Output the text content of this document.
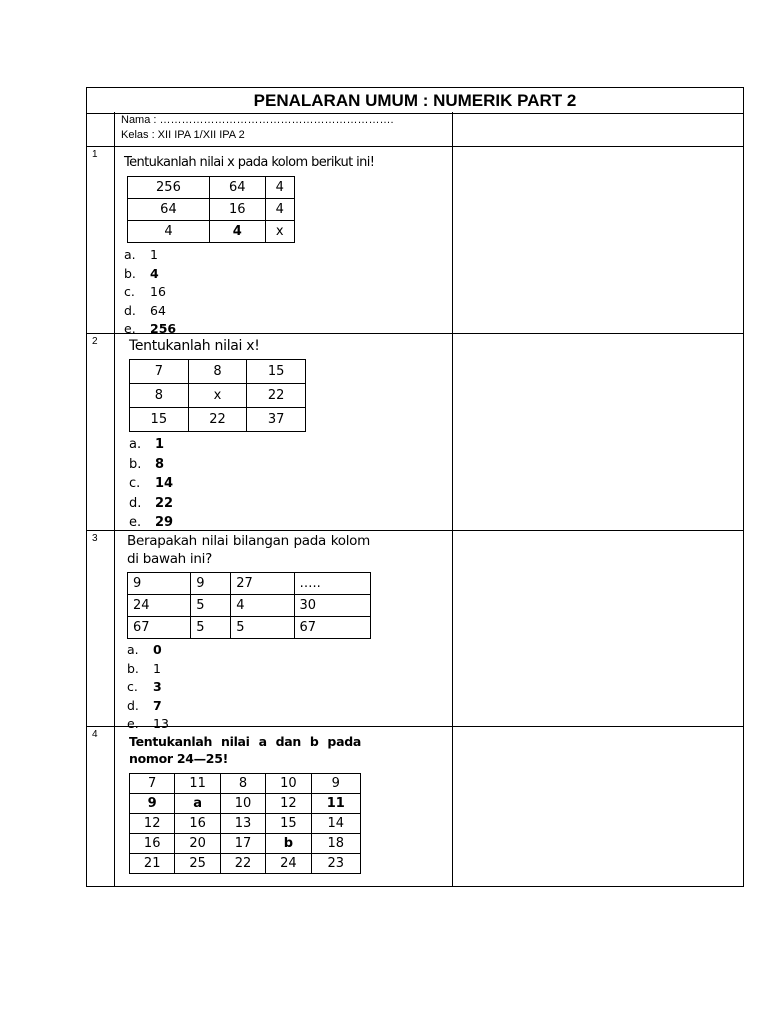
PENALARAN UMUM : NUMERIK PART 2
Nama : ……………………………………………………….
Kelas : XII IPA 1/XII IPA 2
1
Tentukanlah nilai x pada kolom berikut ini!
256	64	4
64	16	4
4	4	x
a.	1
b.	4
c.	16
d.	64
e.	256
2 Tentukanlah nilai x!
7	8	15
8	x	22
15	22	37
a.	1
b.	8
c.	14
d.	22
e.	29
3 Berapakah nilai bilangan pada kolom di bawah ini?
9	9	27	…..
24	5	4	30
67	5	5	67
a.	0
b.	1
c.	3
d.	7
e.	13
4	Tentukanlah nilai a dan b pada nomor 24—25!
7	11	8	10	9
9	a	10	12	11
12	16	13	15	14
16	20	17	b	18
21	25	22	24	23
